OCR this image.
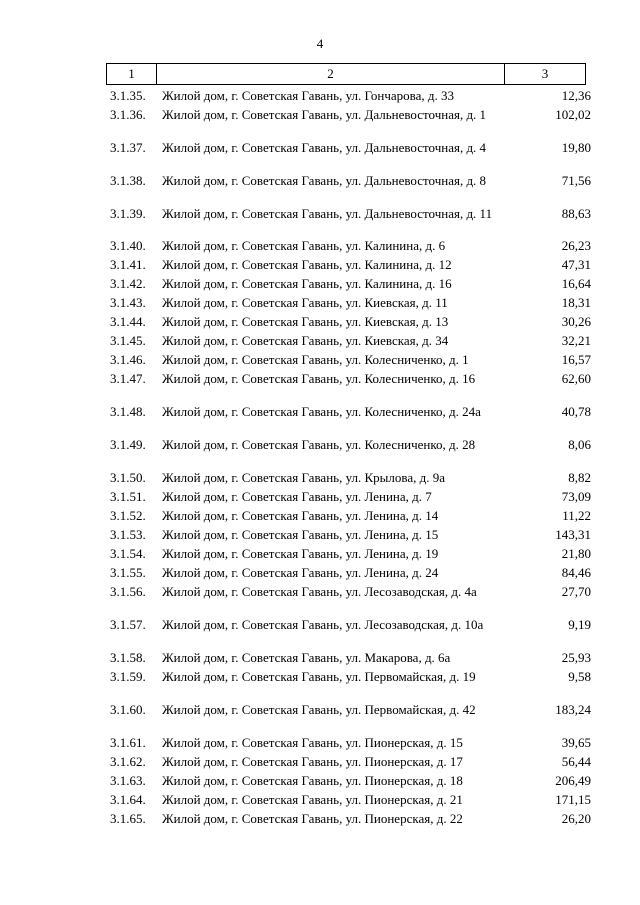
4
1	2	3
3.1.35.	Жилой дом, г. Советская Гавань, ул. Гончарова, д. 33	12,36
3.1.36.	Жилой дом, г. Советская Гавань, ул. Дальневосточная, д. 1	102,02
3.1.37.	Жилой дом, г. Советская Гавань, ул. Дальневосточная, д. 4	19,80
3.1.38.	Жилой дом, г. Советская Гавань, ул. Дальневосточная, д. 8	71,56
3.1.39.	Жилой дом, г. Советская Гавань, ул. Дальневосточная, д. 11	88,63
3.1.40.	Жилой дом, г. Советская Гавань, ул. Калинина, д. 6	26,23
3.1.41.	Жилой дом, г. Советская Гавань, ул. Калинина, д. 12	47,31
3.1.42.	Жилой дом, г. Советская Гавань, ул. Калинина, д. 16	16,64
3.1.43.	Жилой дом, г. Советская Гавань, ул. Киевская, д. 11	18,31
3.1.44.	Жилой дом, г. Советская Гавань, ул. Киевская, д. 13	30,26
3.1.45.	Жилой дом, г. Советская Гавань, ул. Киевская, д. 34	32,21
3.1.46.	Жилой дом, г. Советская Гавань, ул. Колесниченко, д. 1	16,57
3.1.47.	Жилой дом, г. Советская Гавань, ул. Колесниченко, д. 16	62,60
3.1.48.	Жилой дом, г. Советская Гавань, ул. Колесниченко, д. 24а	40,78
3.1.49.	Жилой дом, г. Советская Гавань, ул. Колесниченко, д. 28	8,06
3.1.50.	Жилой дом, г. Советская Гавань, ул. Крылова, д. 9а	8,82
3.1.51.	Жилой дом, г. Советская Гавань, ул. Ленина, д. 7	73,09
3.1.52.	Жилой дом, г. Советская Гавань, ул. Ленина, д. 14	11,22
3.1.53.	Жилой дом, г. Советская Гавань, ул. Ленина, д. 15	143,31
3.1.54.	Жилой дом, г. Советская Гавань, ул. Ленина, д. 19	21,80
3.1.55.	Жилой дом, г. Советская Гавань, ул. Ленина, д. 24	84,46
3.1.56.	Жилой дом, г. Советская Гавань, ул. Лесозаводская, д. 4а	27,70
3.1.57.	Жилой дом, г. Советская Гавань, ул. Лесозаводская, д. 10а	9,19
3.1.58.	Жилой дом, г. Советская Гавань, ул. Макарова, д. 6а	25,93
3.1.59.	Жилой дом, г. Советская Гавань, ул. Первомайская, д. 19	9,58
3.1.60.	Жилой дом, г. Советская Гавань, ул. Первомайская, д. 42	183,24
3.1.61.	Жилой дом, г. Советская Гавань, ул. Пионерская, д. 15	39,65
3.1.62.	Жилой дом, г. Советская Гавань, ул. Пионерская, д. 17	56,44
3.1.63.	Жилой дом, г. Советская Гавань, ул. Пионерская, д. 18	206,49
3.1.64.	Жилой дом, г. Советская Гавань, ул. Пионерская, д. 21	171,15
3.1.65.	Жилой дом, г. Советская Гавань, ул. Пионерская, д. 22	26,20
